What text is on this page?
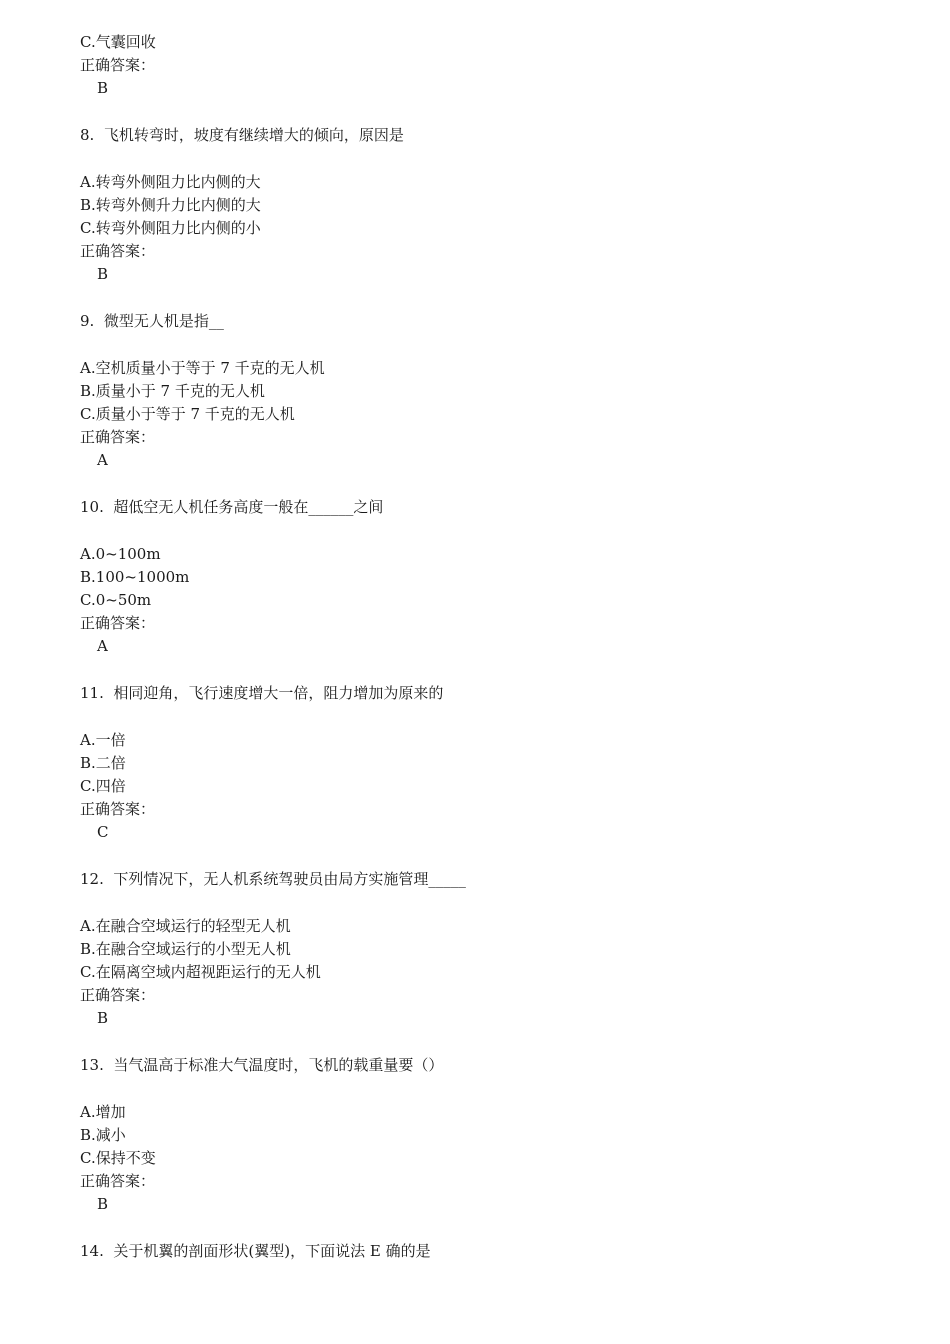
C.气囊回收
正确答案：
B
8.  飞机转弯时，坡度有继续增大的倾向，原因是
A.转弯外侧阻力比内侧的大
B.转弯外侧升力比内侧的大
C.转弯外侧阻力比内侧的小
正确答案：
B
9.  微型无人机是指__
A.空机质量小于等于 7 千克的无人机
B.质量小于 7 千克的无人机
C.质量小于等于 7 千克的无人机
正确答案：
A
10.  超低空无人机任务高度一般在______之间
A.0~100m
B.100~1000m
C.0~50m
正确答案：
A
11.  相同迎角，飞行速度增大一倍，阻力增加为原来的
A.一倍
B.二倍
C.四倍
正确答案：
C
12.  下列情况下，无人机系统驾驶员由局方实施管理_____
A.在融合空域运行的轻型无人机
B.在融合空域运行的小型无人机
C.在隔离空域内超视距运行的无人机
正确答案：
B
13.  当气温高于标准大气温度时，飞机的载重量要（）
A.增加
B.减小
C.保持不变
正确答案：
B
14.  关于机翼的剖面形状(翼型)，下面说法 E 确的是
